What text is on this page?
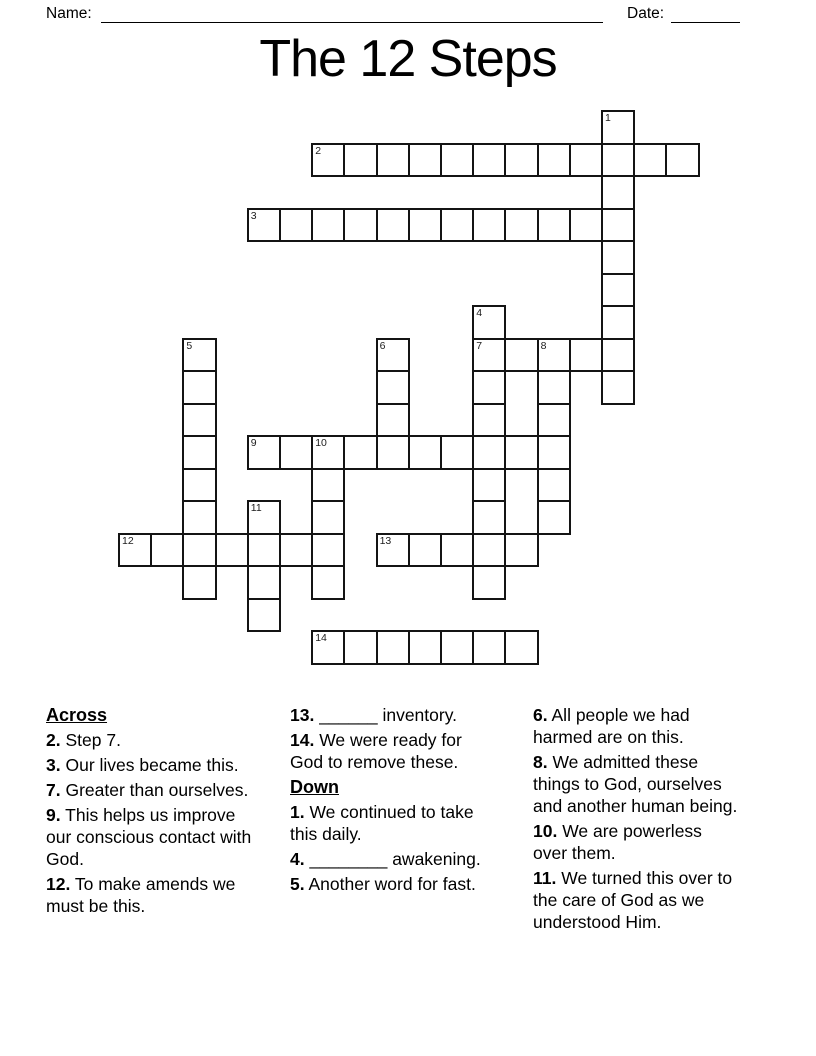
Name:	Date:
The 12 Steps
2
3
7	8
9	10
12	13
14
1
4
5	6
11
Across
2. Step 7.
3. Our lives became this.
7. Greater than ourselves.
9. This helps us improve our conscious contact with God.
12. To make amends we must be this.
13. ______ inventory.
14. We were ready for God to remove these.
Down
1. We continued to take this daily.
4. ________ awakening.
5. Another word for fast.
6. All people we had harmed are on this.
8. We admitted these things to God, ourselves and another human being.
10. We are powerless over them.
11. We turned this over to the care of God as we understood Him.
